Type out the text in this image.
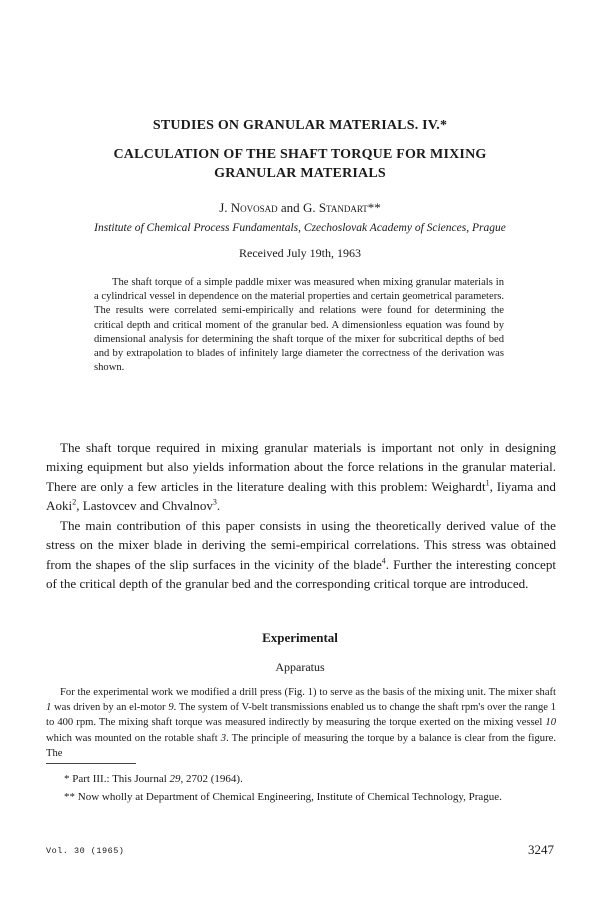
STUDIES ON GRANULAR MATERIALS. IV.*
CALCULATION OF THE SHAFT TORQUE FOR MIXING GRANULAR MATERIALS
J. Novosad and G. Standart**
Institute of Chemical Process Fundamentals, Czechoslovak Academy of Sciences, Prague
Received July 19th, 1963

The shaft torque of a simple paddle mixer was measured when mixing granular materials in a cylindrical vessel in dependence on the material properties and certain geometrical parameters. The results were correlated semi-empirically and relations were found for determining the critical depth and critical moment of the granular bed. A dimensionless equation was found by dimensional analysis for determining the shaft torque of the mixer for subcritical depths of bed and by extrapolation to blades of infinitely large diameter the correctness of the derivation was shown.

The shaft torque required in mixing granular materials is important not only in designing mixing equipment but also yields information about the force relations in the granular material. There are only a few articles in the literature dealing with this problem: Weighardt$^1$, Iiyama and Aoki$^2$, Lastovcev and Chvalnov$^3$.

The main contribution of this paper consists in using the theoretically derived value of the stress on the mixer blade in deriving the semi-empirical correlations. This stress was obtained from the shapes of the slip surfaces in the vicinity of the blade$^4$. Further the interesting concept of the critical depth of the granular bed and the corresponding critical torque are introduced.

Experimental
Apparatus

For the experimental work we modified a drill press (Fig. 1) to serve as the basis of the mixing unit. The mixer shaft 1 was driven by an el-motor 9. The system of V-belt transmissions enabled us to change the shaft rpm's over the range 1 to 400 rpm. The mixing shaft torque was measured indirectly by measuring the torque exerted on the mixing vessel 10 which was mounted on the rotable shaft 3. The principle of measuring the torque by a balance is clear from the figure. The

* Part III.: This Journal 29, 2702 (1964).

** Now wholly at Department of Chemical Engineering, Institute of Chemical Technology, Prague.

Vol. 30 (1965)	3247
